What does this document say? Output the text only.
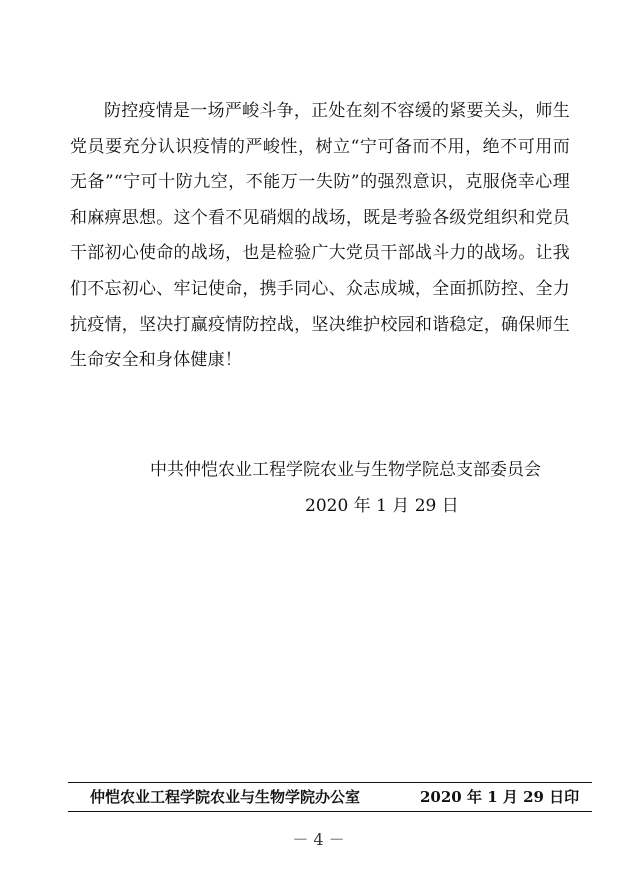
防控疫情是一场严峻斗争，正处在刻不容缓的紧要关头，师生党员要充分认识疫情的严峻性，树立“宁可备而不用，绝不可用而无备”“宁可十防九空，不能万一失防”的强烈意识，克服侥幸心理和麻痹思想。这个看不见硝烟的战场，既是考验各级党组织和党员干部初心使命的战场，也是检验广大党员干部战斗力的战场。让我们不忘初心、牢记使命，携手同心、众志成城，全面抓防控、全力抗疫情，坚决打赢疫情防控战，坚决维护校园和谐稳定，确保师生生命安全和身体健康！

中共仲恺农业工程学院农业与生物学院总支部委员会
2020 年 1 月 29 日
仲恺农业工程学院农业与生物学院办公室	2020 年 1 月 29 日印
－ 4 －
